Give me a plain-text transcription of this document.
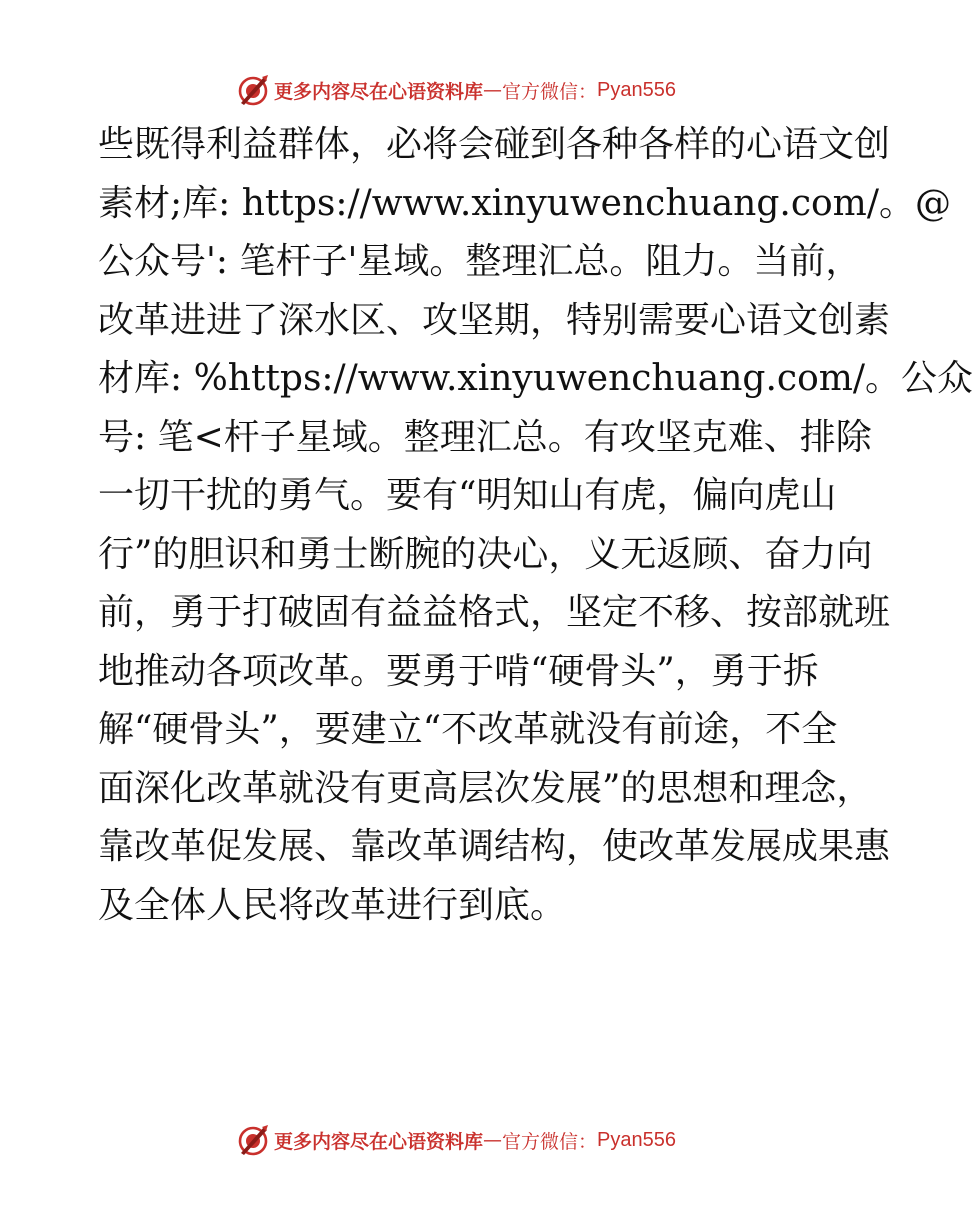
更多内容尽在心语资料库 — 官方微信： Pyan556
些既得利益群体，必将会碰到各种各样的心语文创
素材;库: https://www.xinyuwenchuang.com/。@
公众号': 笔杆子'星域。整理汇总。阻力。当前，
改革进进了深水区、攻坚期，特别需要心语文创素
材库: %https://www.xinyuwenchuang.com/。公众
号: 笔<杆子星域。整理汇总。有攻坚克难、排除
一切干扰的勇气。要有“明知山有虎，偏向虎山
行”的胆识和勇士断腕的决心，义无返顾、奋力向
前，勇于打破固有益益格式，坚定不移、按部就班
地推动各项改革。要勇于啃“硬骨头”，勇于拆
解“硬骨头”，要建立“不改革就没有前途，不全
面深化改革就没有更高层次发展”的思想和理念，
靠改革促发展、靠改革调结构，使改革发展成果惠
及全体人民将改革进行到底。
更多内容尽在心语资料库 — 官方微信： Pyan556
